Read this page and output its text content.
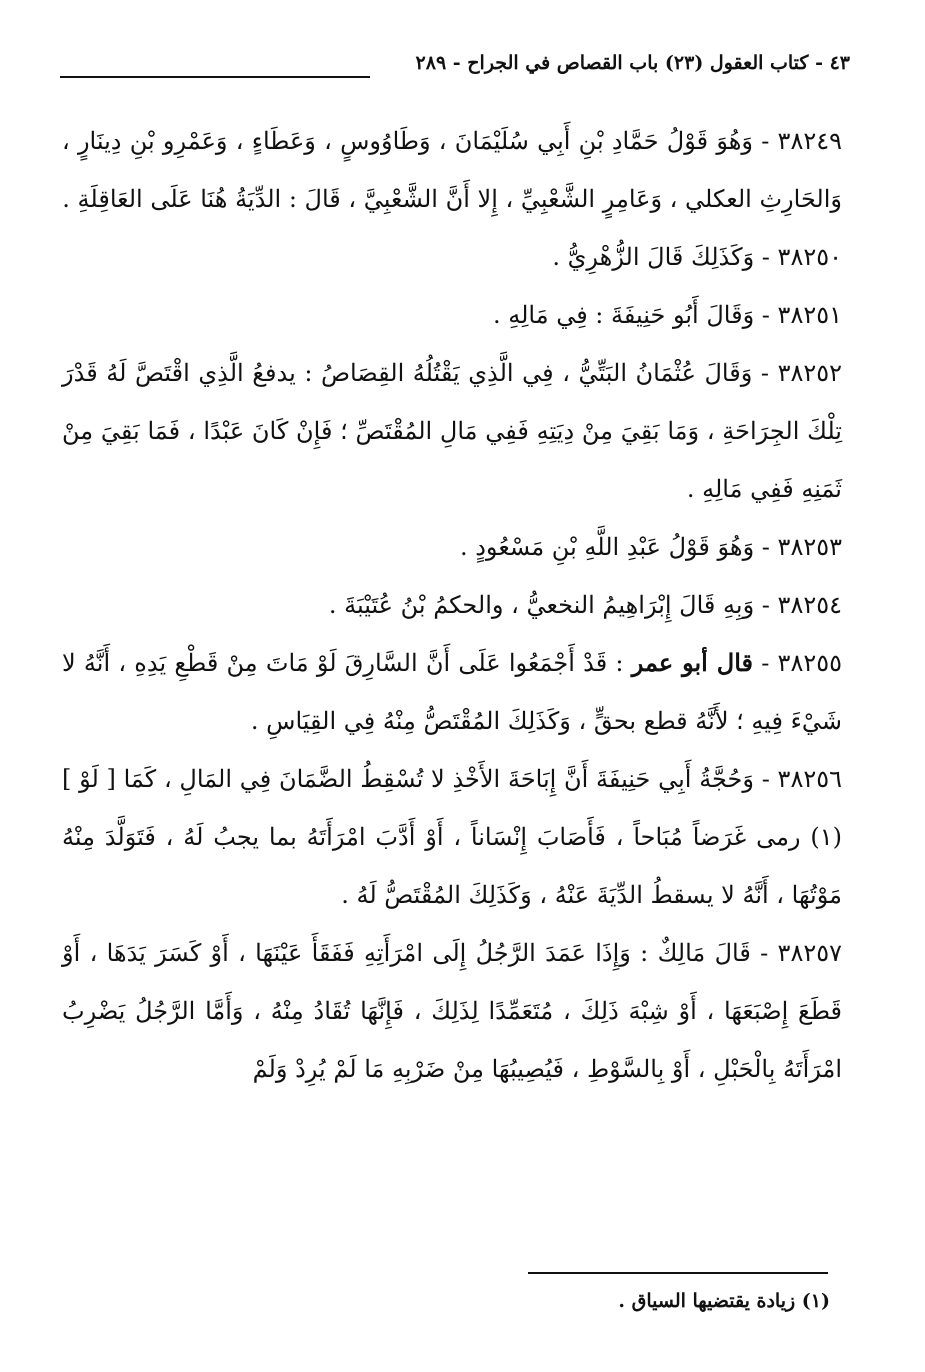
٤٣ - كتاب العقول (٢٣) باب القصاص في الجراح - ٢٨٩

٣٨٢٤٩ - وَهُوَ قَوْلُ حَمَّادِ بْنِ أَبِي سُلَيْمَانَ ، وَطَاوُوسٍ ، وَعَطَاءٍ ، وَعَمْرِو بْنِ دِينَارٍ ، وَالحَارِثِ العكلي ، وَعَامِرٍ الشَّعْبِيِّ ، إِلا أَنَّ الشَّعْبِيَّ ، قَالَ : الدِّيَةُ هُنَا عَلَى العَاقِلَةِ .

٣٨٢٥٠ - وَكَذَلِكَ قَالَ الزُّهْرِيُّ .

٣٨٢٥١ - وَقَالَ أَبُو حَنِيفَةَ : فِي مَالِهِ .

٣٨٢٥٢ - وَقَالَ عُثْمَانُ البَتِّيُّ ، فِي الَّذِي يَقْتُلُهُ القِصَاصُ : يدفعُ الَّذِي اقْتَصَّ لَهُ قَدْرَ تِلْكَ الجِرَاحَةِ ، وَمَا بَقِيَ مِنْ دِيَتِهِ فَفِي مَالِ المُقْتَصِّ ؛ فَإِنْ كَانَ عَبْدًا ، فَمَا بَقِيَ مِنْ ثَمَنِهِ فَفِي مَالِهِ .

٣٨٢٥٣ - وَهُوَ قَوْلُ عَبْدِ اللَّهِ بْنِ مَسْعُودٍ .

٣٨٢٥٤ - وَبِهِ قَالَ إِبْرَاهِيمُ النخعيُّ ، والحكمُ بْنُ عُتَيْبَةَ .

٣٨٢٥٥ - قال أبو عمر : قَدْ أَجْمَعُوا عَلَى أَنَّ السَّارِقَ لَوْ مَاتَ مِنْ قَطْعِ يَدِهِ ، أَنَّهُ لا شَيْءَ فِيهِ ؛ لأَنَّهُ قطع بحقٍّ ، وَكَذَلِكَ المُقْتَصُّ مِنْهُ فِي القِيَاسِ .

٣٨٢٥٦ - وَحُجَّةُ أَبِي حَنِيفَةَ أَنَّ إِبَاحَةَ الأَخْذِ لا تُسْقِطُ الضَّمَانَ فِي المَالِ ، كَمَا [ لَوْ ](١) رمى غَرَضاً مُبَاحاً ، فَأَصَابَ إِنْسَاناً ، أَوْ أَدَّبَ امْرَأَتَهُ بما يجبُ لَهُ ، فَتَوَلَّدَ مِنْهُ مَوْتُهَا ، أَنَّهُ لا يسقطُ الدِّيَةَ عَنْهُ ، وَكَذَلِكَ المُقْتَصُّ لَهُ .

٣٨٢٥٧ - قَالَ مَالِكٌ : وَإِذَا عَمَدَ الرَّجُلُ إِلَى امْرَأَتِهِ فَفَقَأَ عَيْنَهَا ، أَوْ كَسَرَ يَدَهَا ، أَوْ قَطَعَ إِصْبَعَهَا ، أَوْ شِبْهَ ذَلِكَ ، مُتَعَمِّدًا لِذَلِكَ ، فَإِنَّهَا تُقَادُ مِنْهُ ، وَأَمَّا الرَّجُلُ يَضْرِبُ امْرَأَتَهُ بِالْحَبْلِ ، أَوْ بِالسَّوْطِ ، فَيُصِيبُهَا مِنْ ضَرْبِهِ مَا لَمْ يُرِدْ وَلَمْ

(١) زيادة يقتضيها السياق .
